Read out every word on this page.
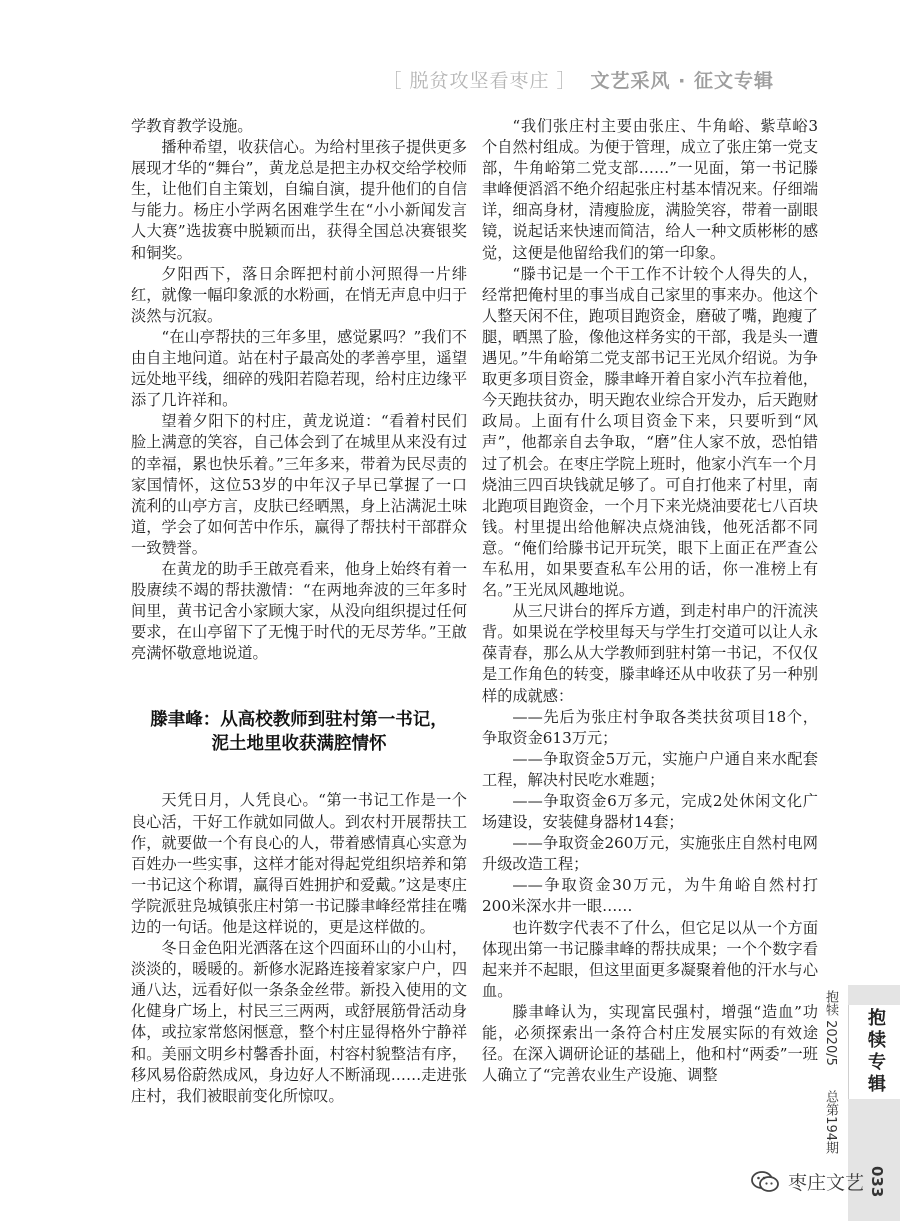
［ 脱贫攻坚看枣庄 ］ 文艺采风 · 征文专辑

学教育教学设施。

播种希望，收获信心。为给村里孩子提供更多展现才华的“舞台”，黄龙总是把主办权交给学校师生，让他们自主策划，自编自演，提升他们的自信与能力。杨庄小学两名困难学生在“小小新闻发言人大赛”选拔赛中脱颖而出，获得全国总决赛银奖和铜奖。

夕阳西下，落日余晖把村前小河照得一片绯红，就像一幅印象派的水粉画，在悄无声息中归于淡然与沉寂。

“在山亭帮扶的三年多里，感觉累吗？”我们不由自主地问道。站在村子最高处的孝善亭里，遥望远处地平线，细碎的残阳若隐若现，给村庄边缘平添了几许祥和。

望着夕阳下的村庄，黄龙说道：“看着村民们脸上满意的笑容，自己体会到了在城里从来没有过的幸福，累也快乐着。”三年多来，带着为民尽责的家国情怀，这位53岁的中年汉子早已掌握了一口流利的山亭方言，皮肤已经晒黑，身上沾满泥土味道，学会了如何苦中作乐，赢得了帮扶村干部群众一致赞誉。

在黄龙的助手王啟亮看来，他身上始终有着一股赓续不竭的帮扶激情：“在两地奔波的三年多时间里，黄书记舍小家顾大家，从没向组织提过任何要求，在山亭留下了无愧于时代的无尽芳华。”王啟亮满怀敬意地说道。

滕聿峰：从高校教师到驻村第一书记，
泥土地里收获满腔情怀

天凭日月，人凭良心。“第一书记工作是一个良心活，干好工作就如同做人。到农村开展帮扶工作，就要做一个有良心的人，带着感情真心实意为百姓办一些实事，这样才能对得起党组织培养和第一书记这个称谓，赢得百姓拥护和爱戴。”这是枣庄学院派驻凫城镇张庄村第一书记滕聿峰经常挂在嘴边的一句话。他是这样说的，更是这样做的。

冬日金色阳光洒落在这个四面环山的小山村，淡淡的，暖暖的。新修水泥路连接着家家户户，四通八达，远看好似一条条金丝带。新投入使用的文化健身广场上，村民三三两两，或舒展筋骨活动身体，或拉家常悠闲惬意，整个村庄显得格外宁静祥和。美丽文明乡村馨香扑面，村容村貌整洁有序，移风易俗蔚然成风，身边好人不断涌现……走进张庄村，我们被眼前变化所惊叹。

“我们张庄村主要由张庄、牛角峪、紫草峪3个自然村组成。为便于管理，成立了张庄第一党支部，牛角峪第二党支部……”一见面，第一书记滕聿峰便滔滔不绝介绍起张庄村基本情况来。仔细端详，细高身材，清瘦脸庞，满脸笑容，带着一副眼镜，说起话来快速而简洁，给人一种文质彬彬的感觉，这便是他留给我们的第一印象。

“滕书记是一个干工作不计较个人得失的人，经常把俺村里的事当成自己家里的事来办。他这个人整天闲不住，跑项目跑资金，磨破了嘴，跑瘦了腿，晒黑了脸，像他这样务实的干部，我是头一遭遇见。”牛角峪第二党支部书记王光凤介绍说。为争取更多项目资金，滕聿峰开着自家小汽车拉着他，今天跑扶贫办，明天跑农业综合开发办，后天跑财政局。上面有什么项目资金下来，只要听到“风声”，他都亲自去争取，“磨”住人家不放，恐怕错过了机会。在枣庄学院上班时，他家小汽车一个月烧油三四百块钱就足够了。可自打他来了村里，南北跑项目跑资金，一个月下来光烧油要花七八百块钱。村里提出给他解决点烧油钱，他死活都不同意。“俺们给滕书记开玩笑，眼下上面正在严查公车私用，如果要查私车公用的话，你一准榜上有名。”王光凤风趣地说。

从三尺讲台的挥斥方遒，到走村串户的汗流浃背。如果说在学校里每天与学生打交道可以让人永葆青春，那么从大学教师到驻村第一书记，不仅仅是工作角色的转变，滕聿峰还从中收获了另一种别样的成就感：

——先后为张庄村争取各类扶贫项目18个，争取资金613万元；

——争取资金5万元，实施户户通自来水配套工程，解决村民吃水难题；

——争取资金6万多元，完成2处休闲文化广场建设，安装健身器材14套；

——争取资金260万元，实施张庄自然村电网升级改造工程；

——争取资金30万元，为牛角峪自然村打200米深水井一眼……

也许数字代表不了什么，但它足以从一个方面体现出第一书记滕聿峰的帮扶成果；一个个数字看起来并不起眼，但这里面更多凝聚着他的汗水与心血。

滕聿峰认为，实现富民强村，增强“造血”功能，必须探索出一条符合村庄发展实际的有效途径。在深入调研论证的基础上，他和村“两委”一班人确立了“完善农业生产设施、调整

抱犊 2020/5  总第194期
抱犊专辑
033
枣庄文艺
